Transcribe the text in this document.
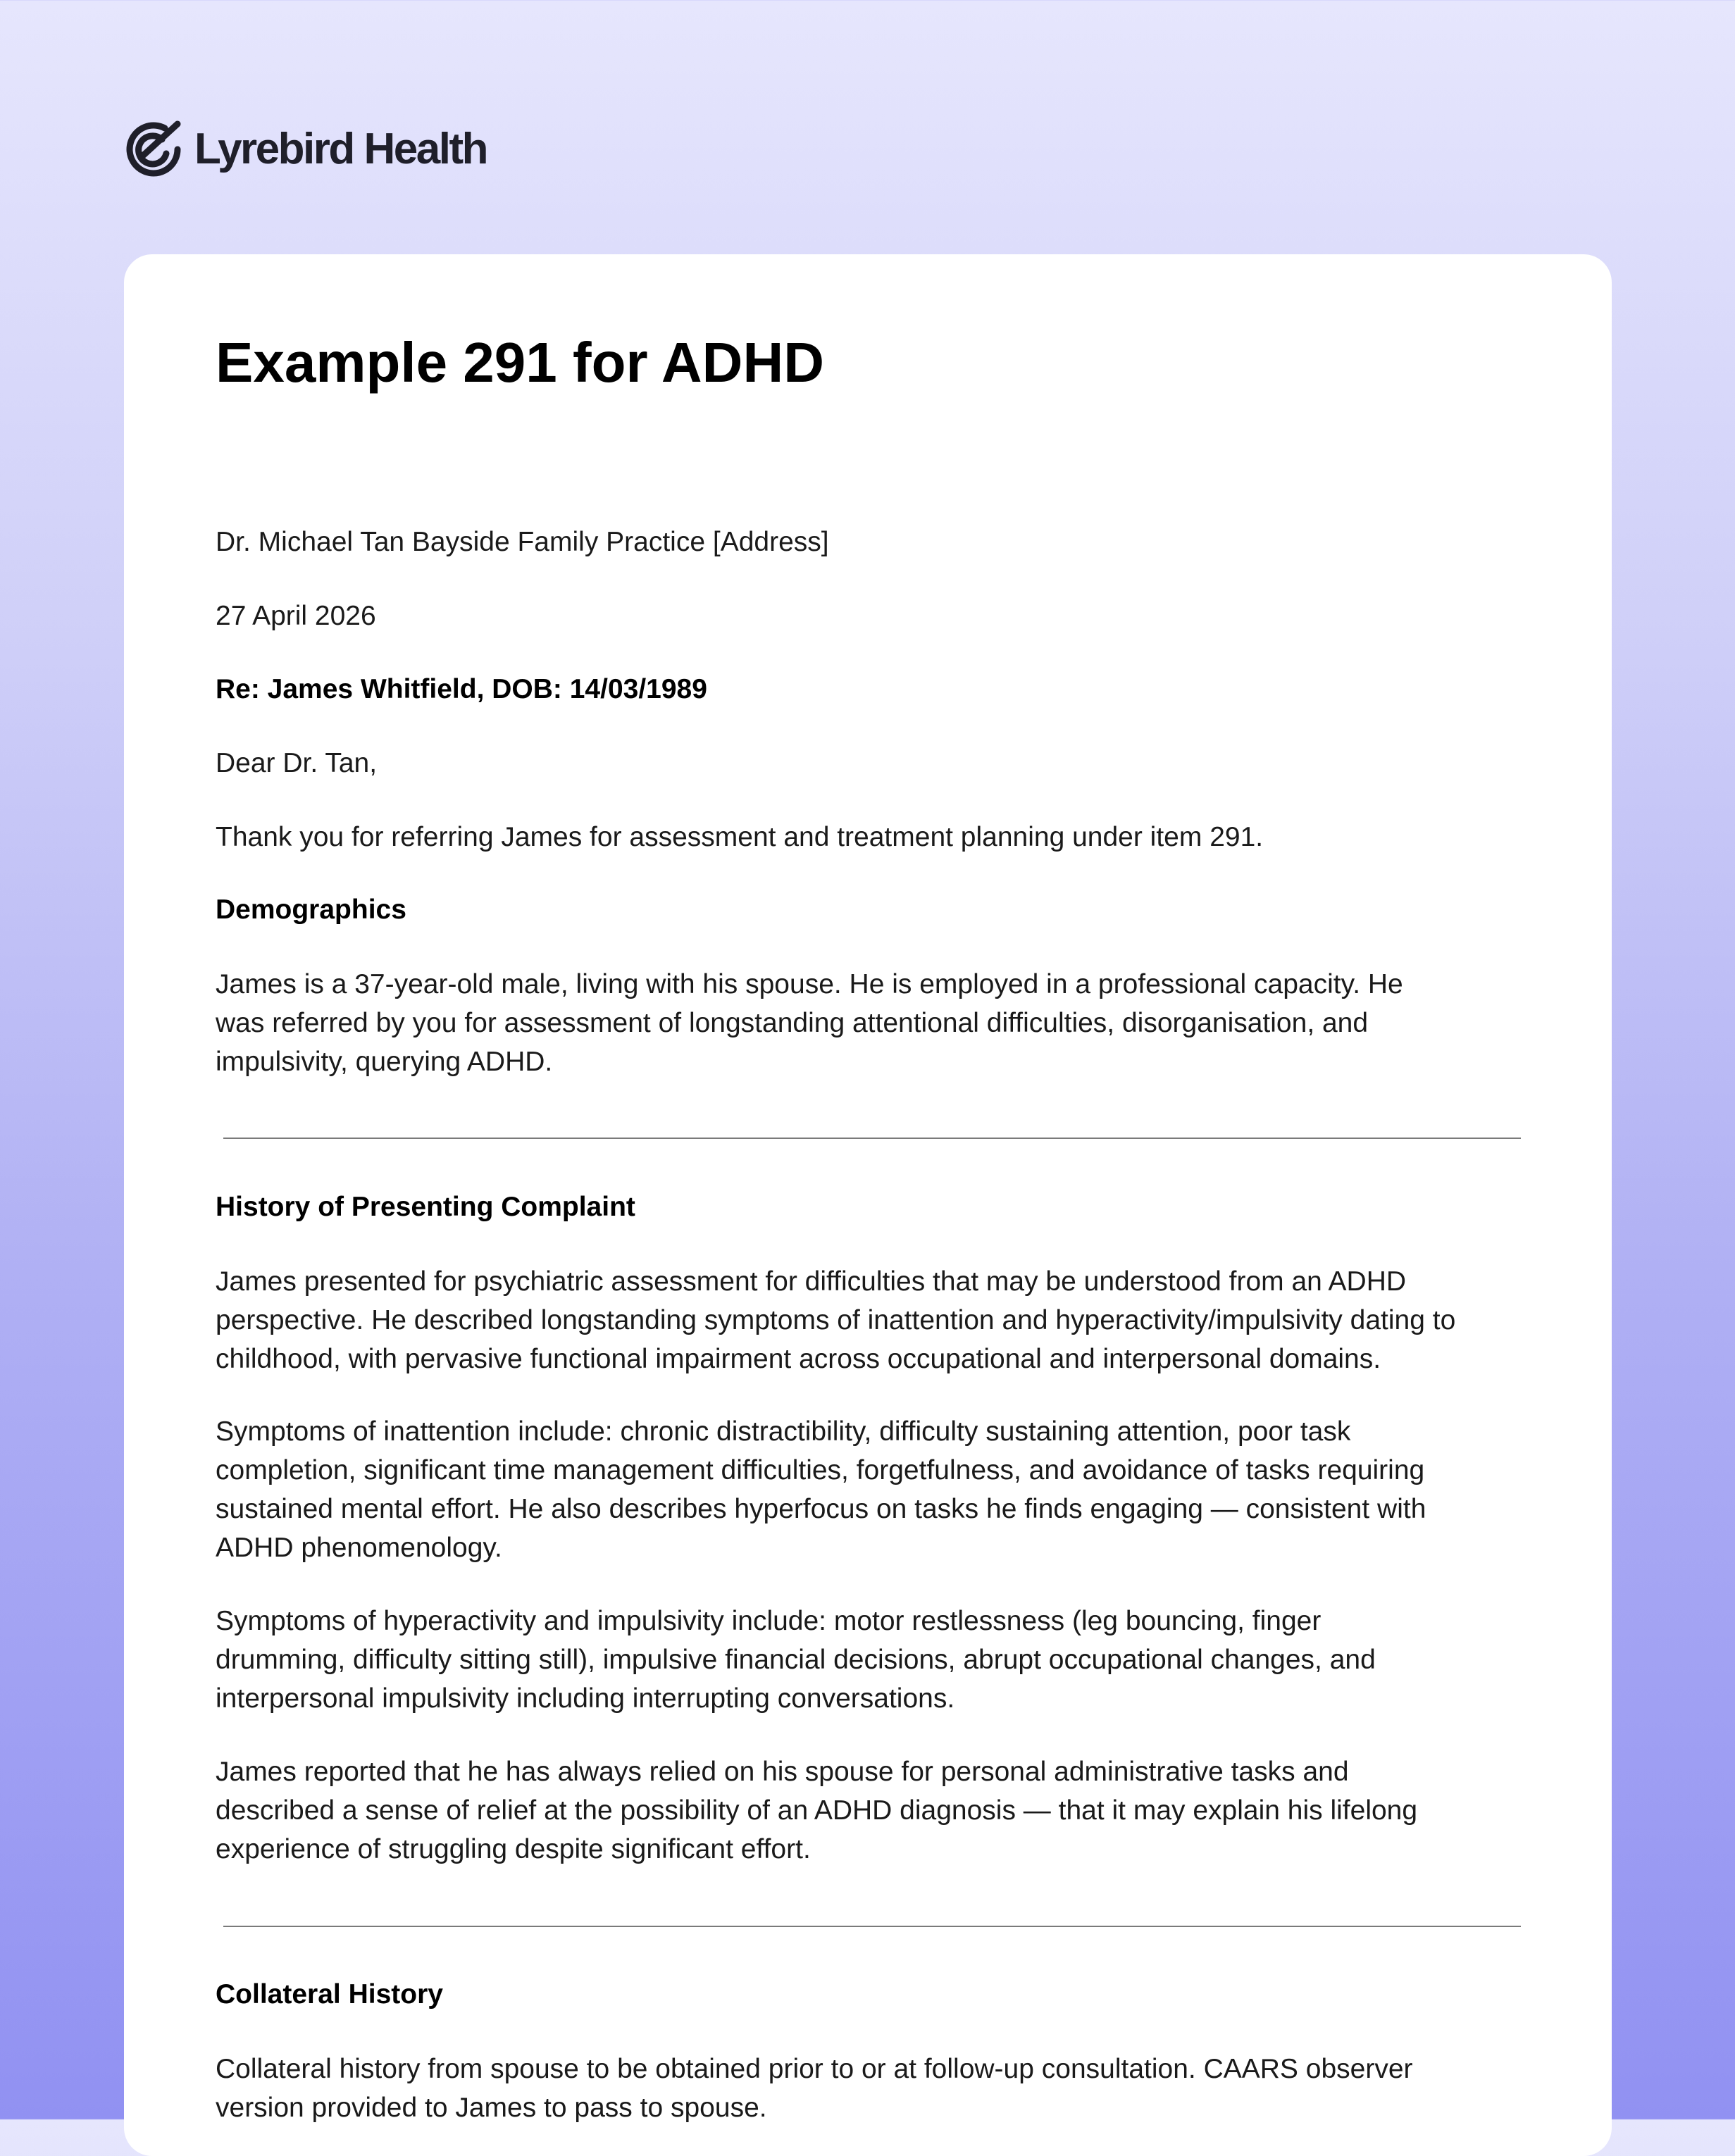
Lyrebird Health
Example 291 for ADHD

Dr. Michael Tan Bayside Family Practice [Address]

27 April 2026

Re: James Whitfield, DOB: 14/03/1989

Dear Dr. Tan,

Thank you for referring James for assessment and treatment planning under item 291.

Demographics

James is a 37-year-old male, living with his spouse. He is employed in a professional capacity. He

was referred by you for assessment of longstanding attentional difficulties, disorganisation, and

impulsivity, querying ADHD.

History of Presenting Complaint

James presented for psychiatric assessment for difficulties that may be understood from an ADHD

perspective. He described longstanding symptoms of inattention and hyperactivity/impulsivity dating to

childhood, with pervasive functional impairment across occupational and interpersonal domains.

Symptoms of inattention include: chronic distractibility, difficulty sustaining attention, poor task

completion, significant time management difficulties, forgetfulness, and avoidance of tasks requiring

sustained mental effort. He also describes hyperfocus on tasks he finds engaging — consistent with

ADHD phenomenology.

Symptoms of hyperactivity and impulsivity include: motor restlessness (leg bouncing, finger

drumming, difficulty sitting still), impulsive financial decisions, abrupt occupational changes, and

interpersonal impulsivity including interrupting conversations.

James reported that he has always relied on his spouse for personal administrative tasks and

described a sense of relief at the possibility of an ADHD diagnosis — that it may explain his lifelong

experience of struggling despite significant effort.

Collateral History

Collateral history from spouse to be obtained prior to or at follow-up consultation. CAARS observer

version provided to James to pass to spouse.
